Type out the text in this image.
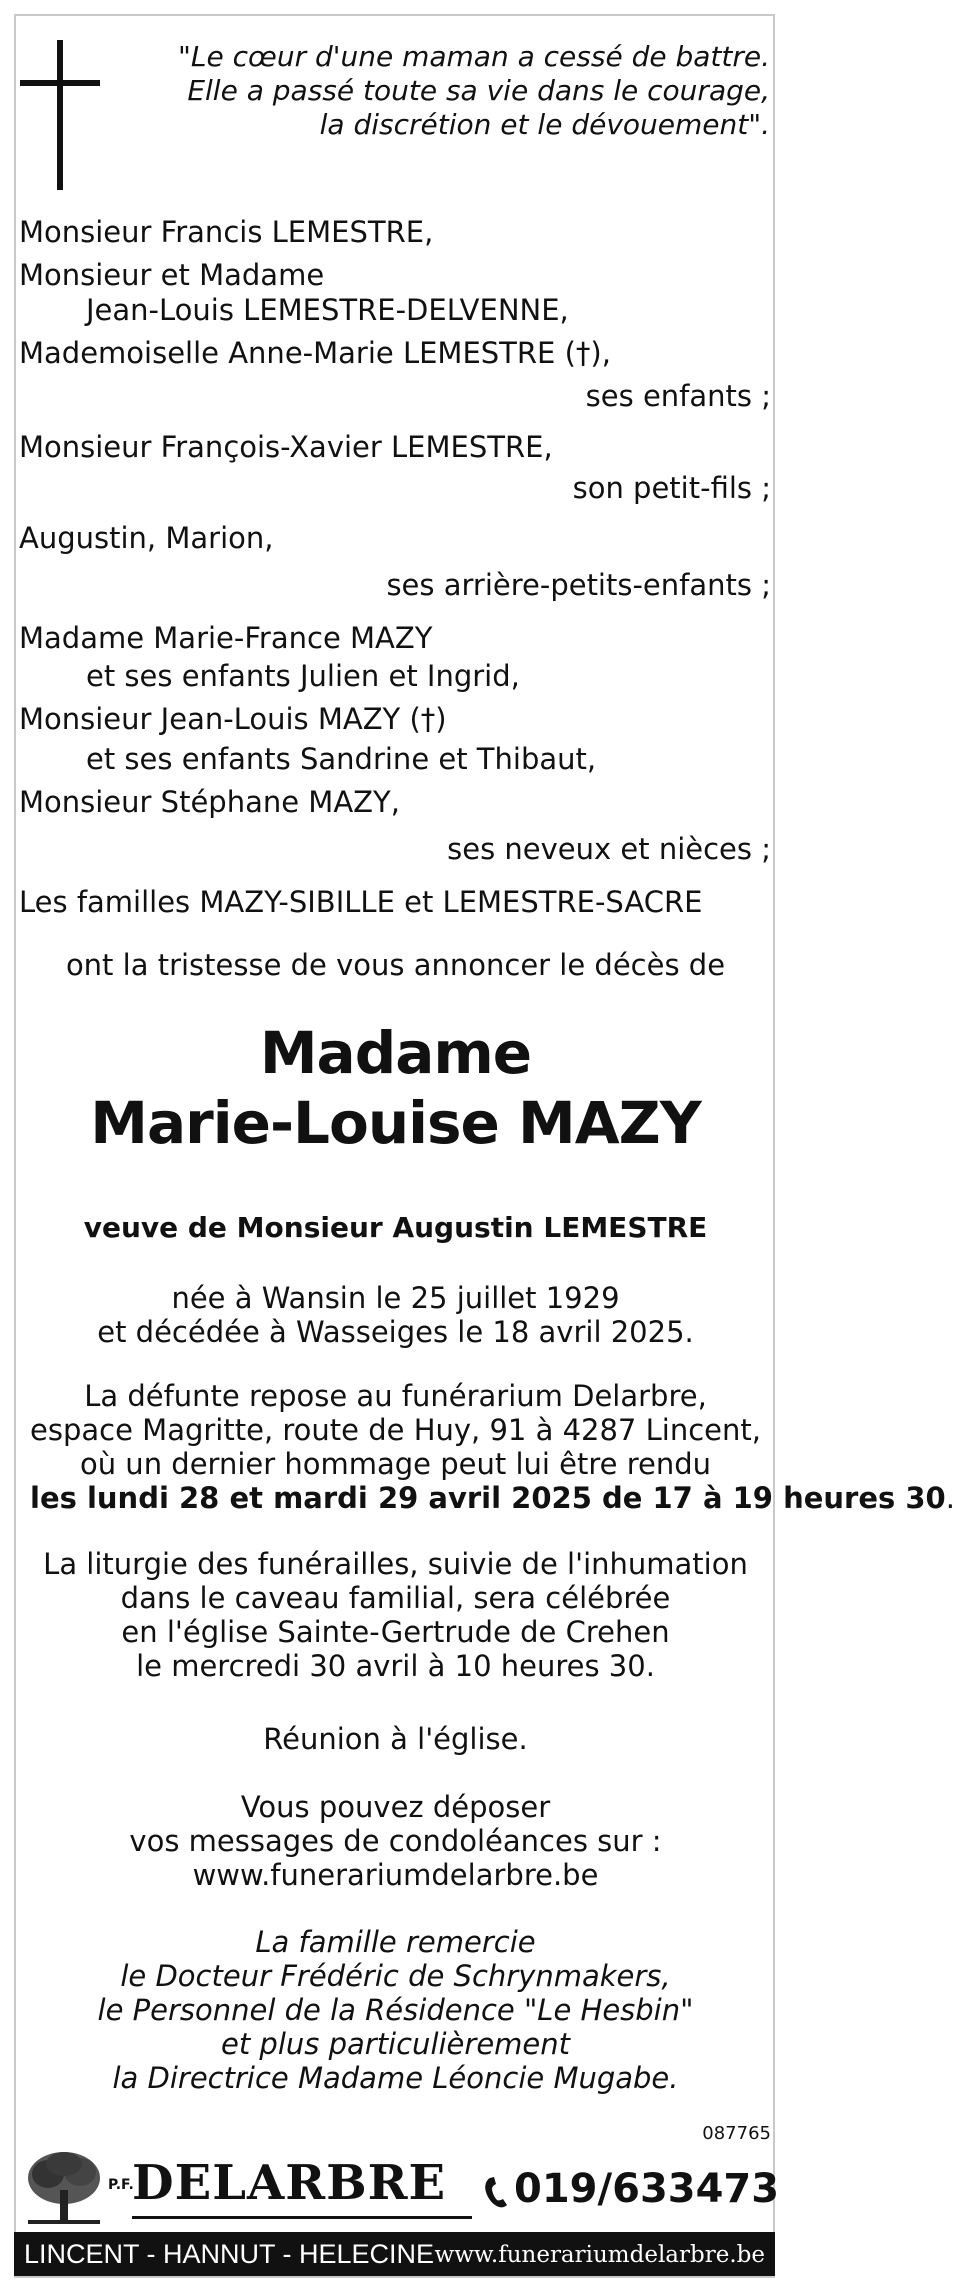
"Le cœur d'une maman a cessé de battre.
Elle a passé toute sa vie dans le courage,
la discrétion et le dévouement".
Monsieur Francis LEMESTRE,
Monsieur et Madame
Jean-Louis LEMESTRE-DELVENNE,
Mademoiselle Anne-Marie LEMESTRE (†),
ses enfants ;
Monsieur François-Xavier LEMESTRE,
son petit-fils ;
Augustin, Marion,
ses arrière-petits-enfants ;
Madame Marie-France MAZY
et ses enfants Julien et Ingrid,
Monsieur Jean-Louis MAZY (†)
et ses enfants Sandrine et Thibaut,
Monsieur Stéphane MAZY,
ses neveux et nièces ;
Les familles MAZY-SIBILLE et LEMESTRE-SACRE
ont la tristesse de vous annoncer le décès de
Madame
Marie-Louise MAZY
veuve de Monsieur Augustin LEMESTRE
née à Wansin le 25 juillet 1929
et décédée à Wasseiges le 18 avril 2025.
La défunte repose au funérarium Delarbre,
espace Magritte, route de Huy, 91 à 4287 Lincent,
où un dernier hommage peut lui être rendu
les lundi 28 et mardi 29 avril 2025 de 17 à 19 heures 30.
La liturgie des funérailles, suivie de l'inhumation
dans le caveau familial, sera célébrée
en l'église Sainte-Gertrude de Crehen
le mercredi 30 avril à 10 heures 30.
Réunion à l'église.
Vous pouvez déposer
vos messages de condoléances sur :
www.funerariumdelarbre.be
La famille remercie
le Docteur Frédéric de Schrynmakers,
le Personnel de la Résidence "Le Hesbin"
et plus particulièrement
la Directrice Madame Léoncie Mugabe.
087765
P.F.
DELARBRE 019/633473
LINCENT - HANNUT - HELECINE www.funerariumdelarbre.be
